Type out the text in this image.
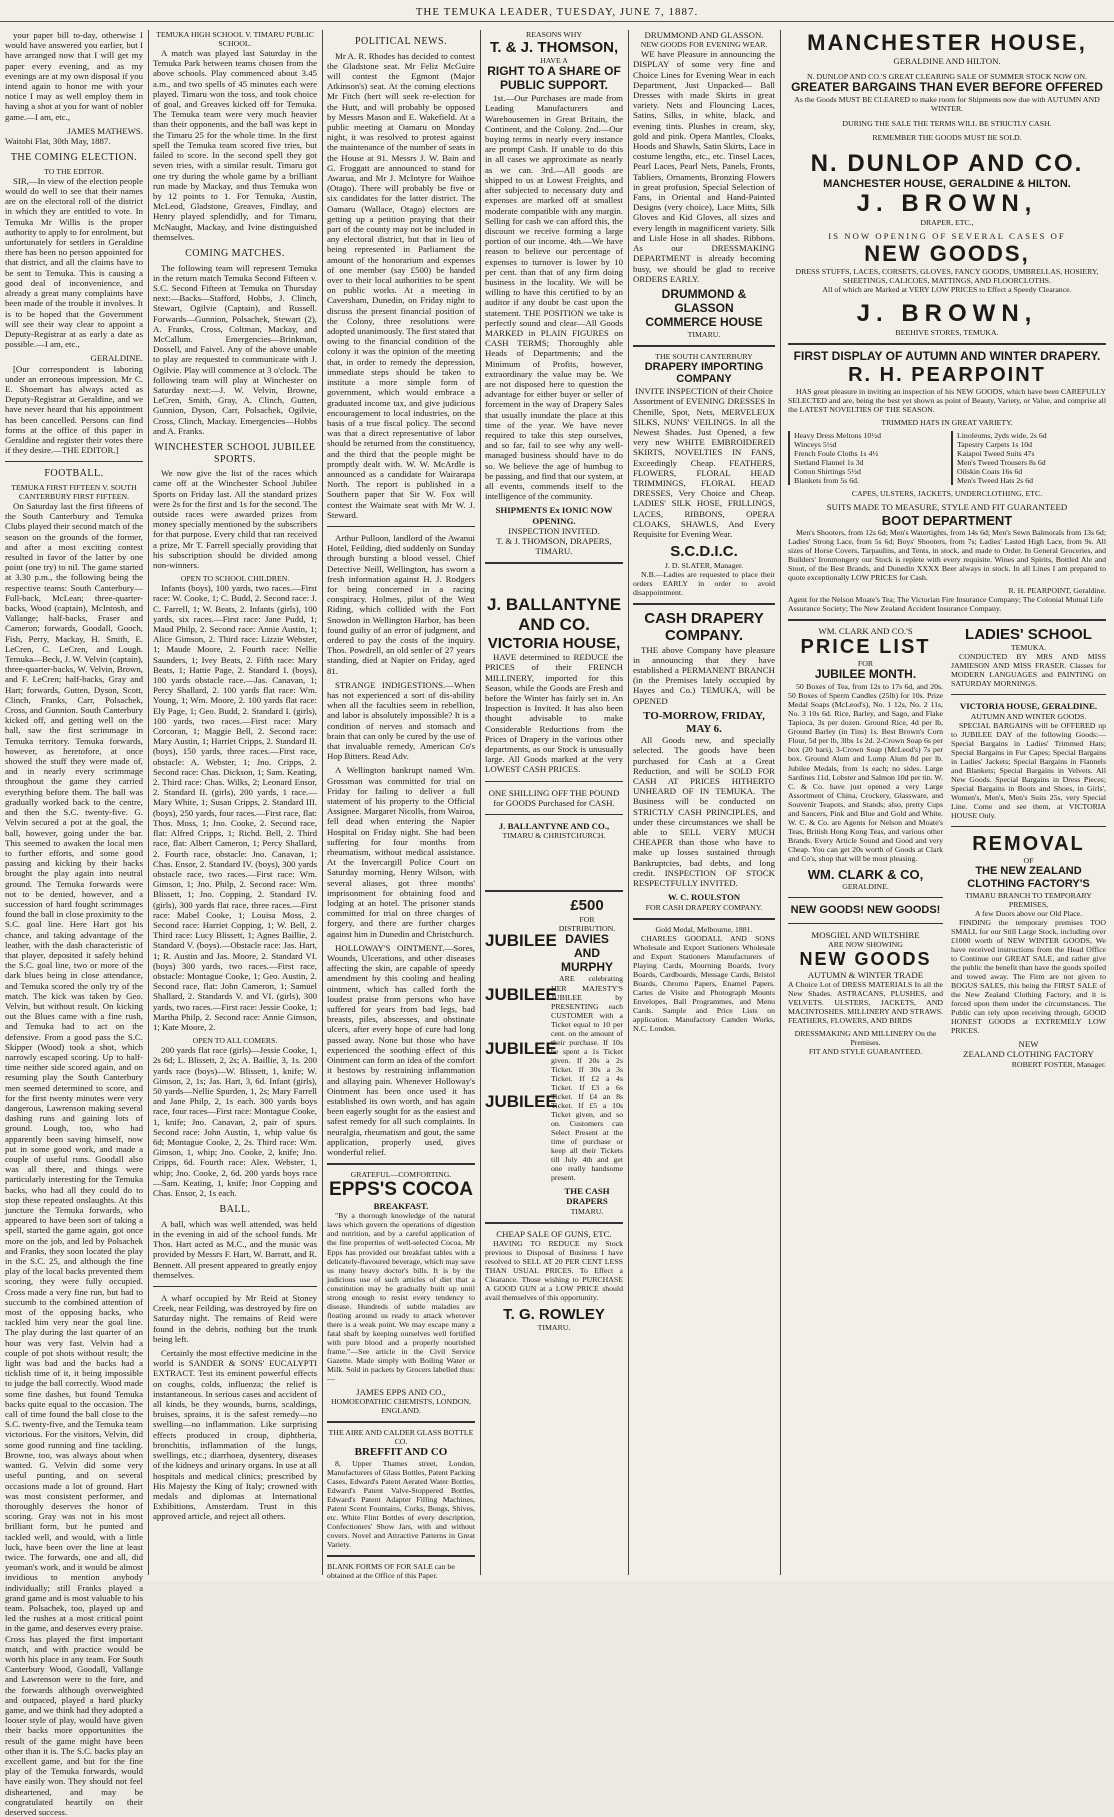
THE TEMUKA LEADER, TUESDAY, JUNE 7, 1887.

your paper bill to-day, otherwise I would have answered you earlier, but I have arranged now that I will get my paper every evening, and as my evenings are at my own disposal if you intend again to honor me with your notice I may as well employ them in having a shot at you for want of nobler game.—I am, etc.,

JAMES MATHEWS.
Waitohi Flat, 30th May, 1887.
THE COMING ELECTION.
TO THE EDITOR.

SIR,—In view of the election people would do well to see that their names are on the electoral roll of the district in which they are entitled to vote. In Temuka Mr Willis is the proper authority to apply to for enrolment, but unfortunately for settlers in Geraldine there has been no person appointed for that district, and all the claims have to be sent to Temuka. This is causing a good deal of inconvenience, and already a great many complaints have been made of the trouble it involves. It is to be hoped that the Government will see their way clear to appoint a Deputy-Registrar at as early a date as possible.—I am, etc.,

GERALDINE.

[Our correspondent is laboring under an erroneous impression. Mr C. E. Shoemart has always acted as Deputy-Registrar at Geraldine, and we have never heard that his appointment has been cancelled. Persons can find forms at the office of this paper in Geraldine and register their votes there if they desire.—THE EDITOR.]

FOOTBALL.
TEMUKA FIRST FIFTEEN V. SOUTH CANTERBURY FIRST FIFTEEN.

On Saturday last the first fifteens of the South Canterbury and Temuka Clubs played their second match of the season on the grounds of the former, and after a most exciting contest resulted in favor of the latter by one point (one try) to nil. The game started at 3.30 p.m., the following being the respective teams: South Canterbury—Full-back, McLean; three-quarter-backs, Wood (captain), McIntosh, and Vallange; half-backs, Fraser and Cameron; forwards, Goodall, Gooch, Fish, Perry, Mackay, H. Smith, E. LeCren, C. LeCren, and Lough. Temuka—Beck, J. W. Velvin (captain), three-quarter-backs, W. Velvin, Brown, and F. LeCren; half-backs, Gray and Hart; forwards, Gutten, Dyson, Scott, Clinch, Franks, Carr, Polsachek, Cross, and Gunnion. South Canterbury kicked off, and getting well on the ball, saw the first scrimmage in Temuka territory. Temuka forwards, however, as heretofore, at once showed the stuff they were made of, and in nearly every scrimmage throughout the game they carried everything before them. The ball was gradually worked back to the centre, and then the S.C. twenty-five. G. Velvin secured a pot at the goal, the ball, however, going under the bar. This seemed to awaken the local men to further efforts, and some good passing and kicking by their backs brought the play again into neutral ground. The Temuka forwards were not to be denied, however, and a succession of hard fought scrimmages found the ball in close proximity to the S.C. goal line. Here Hart got his chance, and taking advantage of the leather, with the dash characteristic of that player, deposited it safely behind the S.C. goal line, two or more of the dark blues being in close attendance, and Temuka scored the only try of the match. The kick was taken by Geo. Velvin, but without result. On kicking out the Blues came with a fine rush, and Temuka had to act on the defensive. From a good pass the S.C. Skipper (Wood) took a shot, which narrowly escaped scoring. Up to half-time neither side scored again, and on resuming play the South Canterbury men seemed determined to score, and for the first twenty minutes were very dangerous, Lawrenson making several dashing runs and gaining lots of ground. Lough, too, who had apparently been saving himself, now put in some good work, and made a couple of useful runs. Goodall also was all there, and things were particularly interesting for the Temuka backs, who had all they could do to stop these repeated onslaughts. At this juncture the Temuka forwards, who appeared to have been sort of taking a spell, started the game again, got once more on the job, and led by Polsachek and Franks, they soon located the play in the S.C. 25, and although the fine play of the local backs prevented them scoring, they were fully occupied. Cross made a very fine run, but had to succumb to the combined attention of most of the opposing backs, who tackled him very near the goal line. The play during the last quarter of an hour was very fast. Velvin had a couple of pot shots without result; the light was bad and the backs had a ticklish time of it, it being impossible to judge the ball correctly. Wood made some fine dashes, but found Temuka backs quite equal to the occasion. The call of time found the ball close to the S.C. twenty-five, and the Temuka team victorious. For the visitors, Velvin, did some good running and fine tackling. Browne, too, was always about when wanted. G. Velvin did some very useful punting, and on several occasions made a lot of ground. Hart was most consistent performer, and thoroughly deserves the honor of scoring. Gray was not in his most brilliant form, but he punted and tackled well, and would, with a little luck, have been over the line at least twice. The forwards, one and all, did yeoman's work, and it would be almost invidious to mention anybody individually; still Franks played a grand game and is most valuable to his team. Polsachek, too, played up and led the rushes at a most critical point in the game, and deserves every praise. Cross has played the first important match, and with practice would be worth his place in any team. For South Canterbury Wood, Goodall, Vallange and Lawrenson were to the fore, and the forwards although overweighted and outpaced, played a hard plucky game, and we think had they adopted a looser style of play, would have given their backs more opportunities the result of the game might have been other than it is. The S.C. backs play an excellent game, and but for the fine play of the Temuka forwards, would have easily won. They should not feel disheartened, and may be congratulated heartily on their deserved success.

TEMUKA HIGH SCHOOL V. TIMARU PUBLIC SCHOOL.

A match was played last Saturday in the Temuka Park between teams chosen from the above schools. Play commenced about 3.45 a.m., and two spells of 45 minutes each were played. Timaru won the toss, and took choice of goal, and Greaves kicked off for Temuka. The Temuka team were very much heavier than their opponents, and the ball was kept in the Timaru 25 for the whole time. In the first spell the Temuka team scored five tries, but failed to score. In the second spell they got seven tries, with a similar result. Timaru got one try during the whole game by a brilliant run made by Mackay, and thus Temuka won by 12 points to 1. For Temuka, Austin, McLeod, Gladstone, Greaves, Findlay, and Henry played splendidly, and for Timaru, McNaught, Mackay, and Ivine distinguished themselves.

COMING MATCHES.

The following team will represent Temuka in the return match Temuka Second Fifteen v. S.C. Second Fifteen at Temuka on Thursday next:—Backs—Stafford, Hobbs, J. Clinch, Stewart, Ogilvie (Captain), and Russell. Forwards—Gunnion, Polsachek, Stewart (2), A. Franks, Cross, Coltman, Mackay, and McCallum. Emergencies—Brinkman, Dossell, and Faivel. Any of the above unable to play are requested to communicate with J. Ogilvie. Play will commence at 3 o'clock. The following team will play at Winchester on Saturday next:—J. W. Velvin, Browne, LeCren, Smith, Gray, A. Clinch, Gutten, Gunnion, Dyson, Carr, Polsachek, Ogilvie, Cross, Clinch, Mackay. Emergencies—Hobbs and A. Franks.

WINCHESTER SCHOOL JUBILEE SPORTS.

We now give the list of the races which came off at the Winchester School Jubilee Sports on Friday last. All the standard prizes were 2s for the first and 1s for the second. The outside races were awarded prizes from money specially mentioned by the subscribers for that purpose. Every child that ran received a prize, Mr T. Farrell specially providing that his subscription should be divided among non-winners.

OPEN TO SCHOOL CHILDREN.

Infants (boys), 100 yards, two races.—First race: W. Cooke, 1; C. Budd, 2. Second race: J. C. Farrell, 1; W. Beats, 2. Infants (girls), 100 yards, six races.—First race: Jane Pudd, 1; Maud Philp, 2. Second race: Annie Austin, 1; Alice Gimson, 2. Third race: Lizzie Webster, 1; Maude Moore, 2. Fourth race: Nellie Saunders, 1; Ivey Beats, 2. Fifth race: Mary Beats, 1; Hattie Page, 2. Standard I. (boys), 100 yards obstacle race.—Jas. Canavan, 1; Percy Shallard, 2. 100 yards flat race: Wm. Young, 1; Wm. Moore, 2. 100 yards flat race: Ely Page, 1; Geo. Budd, 2. Standard I. (girls), 100 yards, two races.—First race: Mary Corcoran, 1; Maggie Bell, 2. Second race: Mary Austin, 1; Harriet Cripps, 2. Standard II. (boys), 150 yards, three races.—First race, obstacle: A. Webster, 1; Jno. Cripps, 2. Second race: Chas. Dickson, 1; Sam. Keating, 2. Third race: Chas. Wilks, 2; Leonard Ensor, 2. Standard II. (girls), 200 yards, 1 race.—Mary White, 1; Susan Cripps, 2. Standard III. (boys), 250 yards, four races.—First race, flat: Thos. Moss, 1; Jno. Cooke, 2. Second race, flat: Alfred Cripps, 1; Richd. Bell, 2. Third race, flat: Albert Cameron, 1; Percy Shallard, 2. Fourth race, obstacle: Jno. Canavan, 1; Chas. Ensor, 2. Standard IV. (boys), 300 yards obstacle race, two races.—First race: Wm. Gimson, 1; Jno. Philp, 2. Second race: Wm. Blissett, 1; Jno. Copping, 2. Standard IV. (girls), 300 yards flat race, three races.—First race: Mabel Cooke, 1; Louisa Moss, 2. Second race: Harriet Copping, 1; W. Bell, 2. Third race: Lucy Blissett, 1; Agnes Baillie, 2. Standard V. (boys).—Obstacle race: Jas. Hart, 1; R. Austin and Jas. Moore, 2. Standard VI. (boys) 300 yards, two races.—First race, obstacle: Montague Cooke, 1; Geo. Austin, 2. Second race, flat: John Cameron, 1; Samuel Shallard, 2. Standards V. and VI. (girls), 300 yards, two races.—First race: Jessie Cooke, 1; Martha Philp, 2. Second race: Annie Gimson, 1; Kate Moore, 2.

OPEN TO ALL COMERS.

200 yards flat race (girls)—Jessie Cooke, 1, 2s 6d; L. Blissett, 2, 2s; A. Baillie, 3, 1s. 200 yards race (boys)—W. Blissett, 1, knife; W. Gimson, 2, 1s; Jas. Hart, 3, 6d. Infant (girls), 50 yards—Nellie Spurden, 1, 2s; Mary Farrell and Jane Philp, 2, 1s each. 300 yards boys race, four races—First race: Montague Cooke, 1, knife; Jno. Canavan, 2, pair of spurs. Second race: John Austin, 1, whip value 6s 6d; Montague Cooke, 2, 2s. Third race: Wm. Gimson, 1, whip; Jno. Cooke, 2, knife; Jno. Cripps, 6d. Fourth race: Alex. Webster, 1, whip; Jno. Cooke, 2, 6d. 200 yards boys race—Sam. Keating, 1, knife; Jnor Copping and Chas. Ensor, 2, 1s each.

BALL.

A ball, which was well attended, was held in the evening in aid of the school funds. Mr Thos. Hart acted as M.C., and the music was provided by Messrs F. Hart, W. Barratt, and R. Bennett. All present appeared to greatly enjoy themselves.

A wharf occupied by Mr Reid at Stoney Creek, near Feilding, was destroyed by fire on Saturday night. The remains of Reid were found in the debris, nothing but the trunk being left.

Certainly the most effective medicine in the world is SANDER & SONS' EUCALYPTI EXTRACT. Test its eminent powerful effects on coughs, colds, influenza; the relief is instantaneous. In serious cases and accident of all kinds, be they wounds, burns, scaldings, bruises, sprains, it is the safest remedy—no swelling—no inflammation. Like surprising effects produced in croup, diphtheria, bronchitis, inflammation of the lungs, swellings, etc.; diarrhoea, dysentery, diseases of the kidneys and urinary organs. In use at all hospitals and medical clinics; prescribed by His Majesty the King of Italy; crowned with medals and diplomas at International Exhibitions, Amsterdam. Trust in this approved article, and reject all others.

POLITICAL NEWS.

Mr A. R. Rhodes has decided to contest the Gladstone seat. Mr Feliz McGuire will contest the Egmont (Major Atkinson's) seat. At the coming elections Mr Fitch (bert will seek re-election for the Hutt, and will probably be opposed by Messrs Mason and E. Wakefield. At a public meeting at Oamaru on Monday night, it was resolved to protest against the maintenance of the number of seats in the House at 91. Messrs J. W. Bain and G. Froggatt are announced to stand for Awarua, and Mr J. McIntyre for Waihoe (Otago). There will probably be five or six candidates for the latter district. The Oamaru (Wallace, Otago) electors are getting up a petition praying that their part of the county may not be included in any electoral district, but that in lieu of being represented in Parliament the amount of the honorarium and expenses of one member (say £500) be handed over to their local authorities to be spent on public works. At a meeting in Caversham, Dunedin, on Friday night to discuss the present financial position of the Colony, three resolutions were adopted unanimously. The first stated that owing to the financial condition of the colony it was the opinion of the meeting that, in order to remedy the depression, immediate steps should be taken to institute a more simple form of government, which would embrace a graduated income tax, and give judicious encouragement to local industries, on the basis of a true fiscal policy. The second was that a direct representative of labor should be returned from the constituency, and the third that the people might be promptly dealt with. W. W. McArdle is announced as a candidate for Wairarapa North. The report is published in a Southern paper that Sir W. Fox will contest the Waimate seat with Mr W. J. Steward.

Arthur Pulloon, landlord of the Awanui Hotel, Feilding, died suddenly on Sunday through bursting a blood vessel. Chief Detective Neill, Wellington, has sworn a fresh information against H. J. Rodgers for being concerned in a racing conspiracy. Holmes, pilot of the West Riding, which collided with the Fort Snowdon in Wellington Harbor, has been found guilty of an error of judgment, and ordered to pay the costs of the inquiry. Thos. Powdrell, an old settler of 27 years standing, died at Napier on Friday, aged 81.

STRANGE INDIGESTIONS.—When has not experienced a sort of dis-ability when all the faculties seem in rebellion, and labor is absolutely impossible? It is a condition of nerves and stomach and brain that can only be cured by the use of that invaluable remedy, American Co's Hop Bitters. Read Adv.

A Wellington bankrupt named Wm. Grossman was committed for trial on Friday for failing to deliver a full statement of his property to the Official Assignee. Margaret Nicolls, from Wairoa, fell dead when entering the Napier Hospital on Friday night. She had been suffering for four months from rheumatism, without medical assistance. At the Invercargill Police Court on Saturday morning, Henry Wilson, with several aliases, got three months' imprisonment for obtaining food and lodging at an hotel. The prisoner stands committed for trial on three charges of forgery, and there are further charges against him in Dunedin and Christchurch.

HOLLOWAY'S OINTMENT.—Sores, Wounds, Ulcerations, and other diseases affecting the skin, are capable of speedy amendment by this cooling and healing ointment, which has called forth the loudest praise from persons who have suffered for years from bad legs, bad breasts, piles, abscesses, and obstinate ulcers, after every hope of cure had long passed away. None but those who have experienced the soothing effect of this Ointment can form an idea of the comfort it bestows by restraining inflammation and allaying pain. Whenever Holloway's Ointment has been once used it has established its own worth, and has again been eagerly sought for as the easiest and safest remedy for all such complaints. In neuralgia, rheumatism and gout, the same application, properly used, gives wonderful relief.

GRATEFUL—COMFORTING.
EPPS'S COCOA
BREAKFAST.

"By a thorough knowledge of the natural laws which govern the operations of digestion and nutrition, and by a careful application of the fine properties of well-selected Cocoa, Mr Epps has provided our breakfast tables with a delicately-flavoured beverage, which may save us many heavy doctor's bills. It is by the judicious use of such articles of diet that a constitution may be gradually built up until strong enough to resist every tendency to disease. Hundreds of subtle maladies are floating around us ready to attack wherever there is a weak point. We may escape many a fatal shaft by keeping ourselves well fortified with pure blood and a properly nourished frame."—See article in the Civil Service Gazette. Made simply with Boiling Water or Milk. Sold in packets by Grocers labelled thus:—

JAMES EPPS AND CO.,
HOMOEOPATHIC CHEMISTS, LONDON, ENGLAND.
THE AIRE AND CALDER GLASS BOTTLE CO.
BREFFIT AND CO

8, Upper Thames street, London, Manufacturers of Glass Bottles, Patent Packing Cases, Edward's Patent Aerated Water Bottles, Edward's Patent Valve-Stoppered Bottles, Edward's Patent Adapter Filling Machines, Patent Scent Fountains, Corks, Bungs, Shives, etc. White Flint Bottles of every description, Confectioners' Show Jars, with and without covers. Novel and Attractive Patterns in Great Variety.

BLANK FORMS OF FOR SALE can be obtained at the Office of this Paper.
REASONS WHY
T. & J. THOMSON,
HAVE A
RIGHT TO A SHARE OF PUBLIC SUPPORT.

1st.—Our Purchases are made from Leading Manufacturers and Warehousemen in Great Britain, the Continent, and the Colony. 2nd.—Our buying terms in nearly every instance are prompt Cash. If unable to do this in all cases we approximate as nearly as we can. 3rd.—All goods are shipped to us at Lowest Freights, and after subjected to necessary duty and expenses are marked off at smallest moderate compatible with any margin. Selling for cash we can afford this, the discount we receive forming a large portion of our income. 4th.—We have reason to believe our percentage of expenses to turnover is lower by 10 per cent. than that of any firm doing business in the locality. We will be willing to have this certified to by an auditor if any doubt be cast upon the statement. THE POSITION we take is perfectly sound and clear—All Goods MARKED in PLAIN FIGURES on CASH TERMS; Thoroughly able Heads of Departments; and the Minimum of Profits, however, extraordinary the value may be. We are not disposed here to question the advantage for either buyer or seller of forcement in the way of Drapery Sales that usually inundate the place at this time of the year. We have never required to take this step ourselves, and so far, fail to see why any well-managed business should have to do so. We believe the age of humbug to be passing, and find that our system, at all events, commends itself to the intelligence of the community.

SHIPMENTS Ex IONIC NOW OPENING.
INSPECTION INVITED.
T. & J. THOMSON, DRAPERS, TIMARU.
J. BALLANTYNE AND CO.
VICTORIA HOUSE,

HAVE determined to REDUCE the PRICES of their FRENCH MILLINERY, imported for this Season, while the Goods are Fresh and before the Winter has fairly set in. An Inspection is Invited. It has also been thought advisable to make Considerable Reductions from the Prices of Drapery in the various other departments, as our Stock is unusually large. All Goods marked at the very LOWEST CASH PRICES.

ONE SHILLING OFF THE POUND for GOODS Purchased for CASH.
J. BALLANTYNE AND CO.,
TIMARU & CHRISTCHURCH.
JUBILEE
JUBILEE
JUBILEE
JUBILEE
£500
FOR DISTRIBUTION.
DAVIES AND MURPHY

ARE celebrating HER MAJESTY'S JUBILEE by PRESENTING each CUSTOMER with a Ticket equal to 10 per cent. on the amount of their purchase. If 10s be spent a 1s Ticket given. If 20s a 2s Ticket. If 30s a 3s Ticket. If £2 a 4s Ticket. If £3 a 6s Ticket. If £4 an 8s Ticket. If £5 a 10s Ticket given, and so on. Customers can Select Present at the time of purchase or keep all their Tickets till July 4th and get one really handsome present.

THE CASH DRAPERS
TIMARU.
CHEAP SALE OF GUNS, ETC.

HAVING TO REDUCE my Stock previous to Disposal of Business I have resolved to SELL AT 20 PER CENT LESS THAN USUAL PRICES. To Effect a Clearance. Those wishing to PURCHASE A GOOD GUN at a LOW PRICE should avail themselves of this opportunity.

T. G. ROWLEY
TIMARU.
DRUMMOND AND GLASSON.
NEW GOODS FOR EVENING WEAR.

WE have Pleasure in announcing the DISPLAY of some very fine and Choice Lines for Evening Wear in each Department, Just Unpacked— Ball Dresses with made Skirts in great variety. Nets and Flouncing Laces, Satins, Silks, in white, black, and evening tints. Plushes in cream, sky, gold and pink. Opera Mantles, Cloaks, Hoods and Shawls, Satin Skirts, Lace in costume lengths, etc., etc. Tinsel Laces, Pearl Laces, Pearl Nets, Panels, Fronts, Tabliers, Ornaments, Bronzing Flowers in great profusion, Special Selection of Fans, in Oriental and Hand-Painted Designs (very choice), Lace Mitts, Silk Gloves and Kid Gloves, all sizes and every length in magnificent variety. Silk and Lisle Hose in all shades. Ribbons. As our DRESSMAKING DEPARTMENT is already becoming busy, we should be glad to receive ORDERS EARLY.

DRUMMOND & GLASSON
COMMERCE HOUSE
TIMARU.
THE SOUTH CANTERBURY
DRAPERY IMPORTING COMPANY
INVITE INSPECTION of their Choice

Assortment of EVENING DRESSES In Chenille, Spot, Nets, MERVELEUX SILKS, NUNS' VEILINGS. In all the Newest Shades. Just Opened, a few very new WHITE EMBROIDERED SKIRTS, NOVELTIES IN FANS, Exceedingly Cheap. FEATHERS, FLOWERS, FLORAL HEAD TRIMMINGS, FLORAL HEAD DRESSES, Very Choice and Cheap. LADIES' SILK HOSE, FRILLINGS, LACES, RIBBONS, OPERA CLOAKS, SHAWLS, And Every Requisite for Evening Wear.

S.C.D.I.C.
J. D. SLATER, Manager.

N.B.—Ladies are requested to place their orders EARLY in order to avoid disappointment.

CASH DRAPERY COMPANY.

THE above Company have pleasure in announcing that they have established a PERMANENT BRANCH (in the Premises lately occupied by Hayes and Co.) TEMUKA, will be OPENED

TO-MORROW, FRIDAY, MAY 6.

All Goods new, and specially selected. The goods have been purchased for Cash at a Great Reduction, and will be SOLD FOR CASH AT PRICES HITHERTO UNHEARD OF IN TEMUKA. The Business will be conducted on STRICTLY CASH PRINCIPLES, and under these circumstances we shall be able to SELL VERY MUCH CHEAPER than those who have to make up losses sustained through Bankruptcies, bad debts, and long credit. INSPECTION OF STOCK RESPECTFULLY INVITED.

W. C. ROULSTON
FOR CASH DRAPERY COMPANY.
Gold Medal, Melbourne, 1881.

CHARLES GOODALL AND SONS Wholesale and Export Stationers Wholesale and Export Stationers Manufacturers of Playing Cards, Mourning Boards, Ivory Boards, Cardboards, Message Cards, Bristol Boards, Chromo Papers, Enamel Papers. Cartes de Visite and Photograph Mounts Envelopes, Ball Programmes, and Menu Cards. Sample and Price Lists on application. Manufactory Camden Works, N.C. London.

MANCHESTER HOUSE,
GERALDINE AND HILTON.
N. DUNLOP AND CO.'S GREAT CLEARING SALE OF SUMMER STOCK NOW ON.
GREATER BARGAINS THAN EVER BEFORE OFFERED
As the Goods MUST BE CLEARED to make room for Shipments now due with AUTUMN AND WINTER.
DURING THE SALE THE TERMS WILL BE STRICTLY CASH.
REMEMBER THE GOODS MUST BE SOLD.
N. DUNLOP AND CO.
MANCHESTER HOUSE, GERALDINE & HILTON.
J. BROWN,
DRAPER, ETC.,
IS NOW OPENING OF SEVERAL CASES OF
NEW GOODS,
DRESS STUFFS, LACES, CORSETS, GLOVES, FANCY GOODS, UMBRELLAS, HOSIERY, SHEETINGS, CALICOES, MATTINGS, AND FLOORCLOTHS.
All of which are Marked at VERY LOW PRICES to Effect a Speedy Clearance.
J. BROWN,
BEEHIVE STORES, TEMUKA.
FIRST DISPLAY OF AUTUMN AND WINTER DRAPERY.
R. H. PEARPOINT

HAS great pleasure in inviting an inspection of his NEW GOODS, which have been CAREFULLY SELECTED and are, being the best yet shown as point of Beauty, Variety, or Value, and comprise all the LATEST NOVELTIES OF THE SEASON.

TRIMMED HATS IN GREAT VARIETY.
Heavy Dress Meltons 10½d
Winceys 5½d
French Foule Cloths 1s 4½
Stetland Flannel 1s 3d
Cotton Shirtings 5½d
Blankets from 5s 6d.
Linoleums, 2yds wide, 2s 6d
Tapestry Carpets 1s 10d
Kaiapoi Tweed Suits 47s
Men's Tweed Trousers 8s 6d
Oilskin Coats 16s 6d
Men's Tweed Hats 2s 6d
CAPES, ULSTERS, JACKETS, UNDERCLOTHING, ETC.
SUITS MADE TO MEASURE, STYLE AND FIT GUARANTEED
BOOT DEPARTMENT

Men's Shooters, from 12s 6d; Men's Watertights, from 14s 6d; Men's Sewn Balmorals from 13s 6d; Ladies' Strong Lace, from 5s 6d; Boys' Shooters, from 7s; Ladies' Lasted High Lace, from 9s. All sizes of Horse Covers, Tarpaulins, and Tents, in stock, and made to Order. In General Groceries, and Builders' Ironmongery our Stock is replete with every requisite. Wines and Spirits, Bottled Ale and Stout, of the Best Brands, and Dunedin XXXX Beer always in stock. In all Lines I am prepared to quote exceptionally LOW PRICES for Cash.

R. H. PEARPOINT, Geraldine.
Agent for the Nelson Moate's Tea; The Victorian Fire Insurance Company; The Colonial Mutual Life Assurance Society; The New Zealand Accident Insurance Company.
WM. CLARK AND CO.'S
PRICE LIST
FOR
JUBILEE MONTH.

50 Boxes of Tea, from 12s to 17s 6d, and 20s. 50 Boxes of Sperm Candles (25lb) for 10s. Prize Medal Soaps (McLeod's), No. 1 12s, No. 2 11s, No. 3 10s 6d. Rice, Barley, and Sago, and Flake Tapioca, 3s per dozen. Ground Rice, 4d per lb, Ground Barley (in Tins) 1s. Best Brown's Corn Flour, 5d per lb, 3lbs 1s 2d. 2-Crown Soap 6s per box (20 bars), 3-Crown Soap (McLeod's) 7s per box. Ground Alum and Lump Alum 8d per lb. Jubilee Medals, from 1s each; no sides. Large Sardines 11d, Lobster and Salmon 10d per tin. W. C. & Co. have just opened a very Large Assortment of China, Crockery, Glassware, and Souvenir Teapots, and Stands; also, pretty Cups and Saucers, Pink and Blue and Gold and White. W. C. & Co. are Agents for Nelson and Moate's Teas, British Hong Kong Teas, and various other Brands. Every Article Sound and Good and very Cheap. You can get 20s worth of Goods at Clark and Co's, shop that will be most pleasing.

WM. CLARK & CO,
GERALDINE.
NEW GOODS! NEW GOODS!
MOSGIEL AND WILTSHIRE
ARE NOW SHOWING
NEW GOODS
AUTUMN & WINTER TRADE

A Choice Lot of DRESS MATERIALS In all the New Shades. ASTRACANS, PLUSHES, and VELVETS. ULSTERS, JACKETS, AND MACINTOSHES. MILLINERY AND STRAWS. FEATHERS, FLOWERS, AND BIRDS

DRESSMAKING AND MILLINERY On the Premises.
FIT AND STYLE GUARANTEED.
LADIES' SCHOOL
TEMUKA.

CONDUCTED BY MRS AND MISS JAMIESON AND MISS FRASER. Classes for MODERN LANGUAGES and PAINTING on SATURDAY MORNINGS.

VICTORIA HOUSE, GERALDINE.
AUTUMN AND WINTER GOODS.

SPECIAL BARGAINS will be OFFERED up to JUBILEE DAY of the following Goods:—Special Bargains in Ladies' Trimmed Hats; Special Bargains in Fur Capes; Special Bargains in Ladies' Jackets; Special Bargains in Flannels and Blankets; Special Bargains in Velvets. All New Goods. Special Bargains in Dress Pieces; Special Bargains in Boots and Shoes, in Girls', Women's, Men's, Men's Suits 25s, very Special Line. Come and see them, at VICTORIA HOUSE Only.

REMOVAL
OF
THE NEW ZEALAND CLOTHING FACTORY'S
TIMARU BRANCH TO TEMPORARY PREMISES,
A few Doors above our Old Place.

FINDING the temporary premises TOO SMALL for our Still Large Stock, including over £1000 worth of NEW WINTER GOODS, We have received instructions from the Head Office to Continue our GREAT SALE, and rather give the public the benefit than have the goods spoiled and towed away. The Firm are not given to BOGUS SALES, this being the FIRST SALE of the New Zealand Clothing Factory, and it is forced upon them under the circumstances. The Public can rely upon receiving through, GOOD HONEST GOODS at EXTREMELY LOW PRICES.

NEW
ZEALAND CLOTHING FACTORY
ROBERT FOSTER, Manager.
